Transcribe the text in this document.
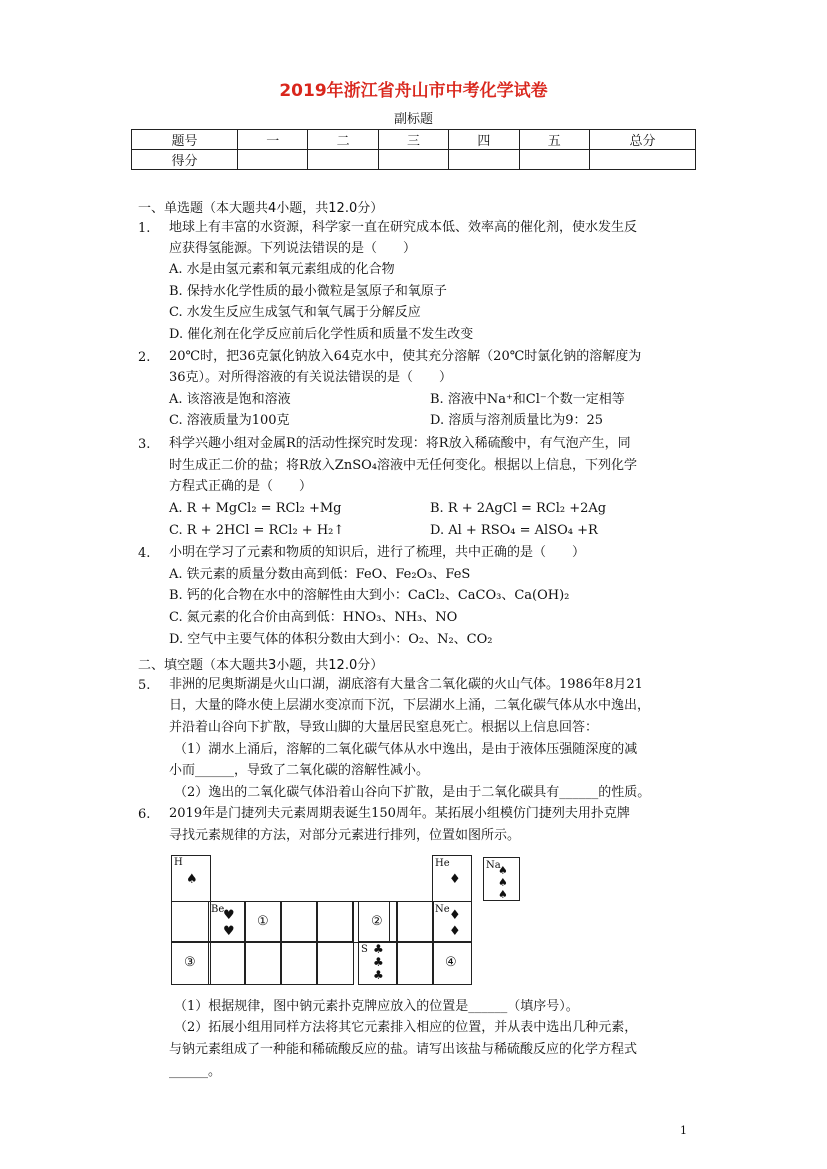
2019年浙江省舟山市中考化学试卷
副标题
题号	一	二	三	四	五	总分
得分						
一、单选题（本大题共4小题，共12.0分）
1. 地球上有丰富的水资源，科学家一直在研究成本低、效率高的催化剂，使水发生反
应获得氢能源。下列说法错误的是（　　）
A. 水是由氢元素和氧元素组成的化合物
B. 保持水化学性质的最小微粒是氢原子和氧原子
C. 水发生反应生成氢气和氧气属于分解反应
D. 催化剂在化学反应前后化学性质和质量不发生改变
2. 20℃时，把36克氯化钠放入64克水中，使其充分溶解（20℃时氯化钠的溶解度为
36克）。对所得溶液的有关说法错误的是（　　）
A. 该溶液是饱和溶液	B. 溶液中Na⁺和Cl⁻个数一定相等
C. 溶液质量为100克	D. 溶质与溶剂质量比为9：25
3. 科学兴趣小组对金属R的活动性探究时发现：将R放入稀硫酸中，有气泡产生，同
时生成正二价的盐；将R放入ZnSO₄溶液中无任何变化。根据以上信息，下列化学
方程式正确的是（　　）
A. R + MgCl₂ = RCl₂ +Mg	B. R + 2AgCl = RCl₂ +2Ag
C. R + 2HCl = RCl₂ + H₂↑	D. Al + RSO₄ = AlSO₄ +R
4. 小明在学习了元素和物质的知识后，进行了梳理，共中正确的是（　　）
A. 铁元素的质量分数由高到低：FeO、Fe₂O₃、FeS
B. 钙的化合物在水中的溶解性由大到小：CaCl₂、CaCO₃、Ca(OH)₂
C. 氮元素的化合价由高到低：HNO₃、NH₃、NO
D. 空气中主要气体的体积分数由大到小：O₂、N₂、CO₂
二、填空题（本大题共3小题，共12.0分）
5. 非洲的尼奥斯湖是火山口湖，湖底溶有大量含二氧化碳的火山气体。1986年8月21
日，大量的降水使上层湖水变凉而下沉，下层湖水上涌，二氧化碳气体从水中逸出，
并沿着山谷向下扩散，导致山脚的大量居民窒息死亡。根据以上信息回答：
（1）湖水上涌后，溶解的二氧化碳气体从水中逸出，是由于液体压强随深度的减
小而______，导致了二氧化碳的溶解性减小。
（2）逸出的二氧化碳气体沿着山谷向下扩散，是由于二氧化碳具有______的性质。
6. 2019年是门捷列夫元素周期表诞生150周年。某拓展小组模仿门捷列夫用扑克牌
寻找元素规律的方法，对部分元素进行排列，位置如图所示。
H
♠
He
♦
Na
♠
♠
♠
Be
♥
♥
①	②
Ne ♦
♦
③
S ♣
♣
♣
④
（1）根据规律，图中钠元素扑克牌应放入的位置是______（填序号）。
（2）拓展小组用同样方法将其它元素排入相应的位置，并从表中选出几种元素，
与钠元素组成了一种能和稀硫酸反应的盐。请写出该盐与稀硫酸反应的化学方程式
______。
1
